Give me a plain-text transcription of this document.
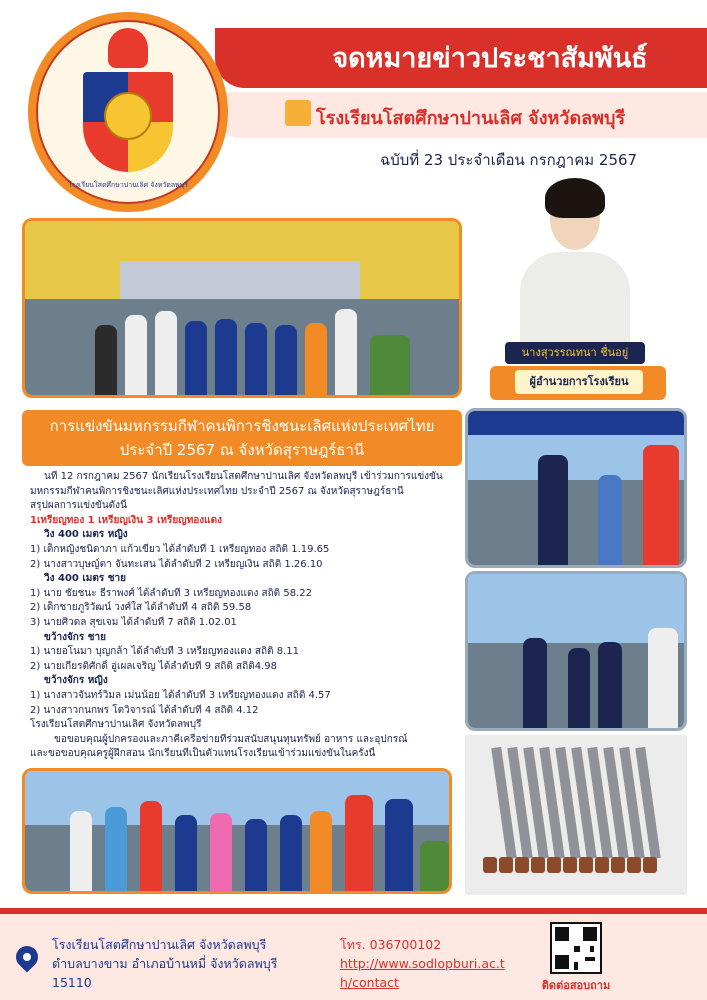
จดหมายข่าวประชาสัมพันธ์
โรงเรียนโสตศึกษาปานเลิศ จังหวัดลพบุรี
ฉบับที่ 23 ประจำเดือน กรกฎาคม 2567
โรงเรียนโสตศึกษาปานเลิศ จังหวัดลพบุรี
นางสุวรรณทนา ชื่นอยู่
ผู้อำนวยการโรงเรียน
การแข่งขันมหกรรมกีฬาคนพิการชิงชนะเลิศแห่งประเทศไทย
ประจำปี 2567 ณ จังหวัดสุราษฎร์ธานี
นที่ 12 กรกฎาคม 2567 นักเรียนโรงเรียนโสตศึกษาปานเลิศ จังหวัดลพบุรี เข้าร่วมการแข่งขัน
มหกรรมกีฬาคนพิการชิงชนะเลิศแห่งประเทศไทย ประจำปี 2567 ณ จังหวัดสุราษฎร์ธานี
สรุปผลการแข่งขันดังนี้
1เหรียญทอง 1 เหรียญเงิน 3 เหรียญทองแดง
วิ่ง 400 เมตร หญิง
1) เด็กหญิงชนิดาภา แก้วเขียว ได้ลำดับที่ 1 เหรียญทอง สถิติ 1.19.65
2) นางสาวบุษญ์ตา จันทะเสน ได้ลำดับที่ 2 เหรียญเงิน สถิติ 1.26.10
วิ่ง 400 เมตร ชาย
1) นาย ชัยชนะ ธีราพงศ์ ได้ลำดับที่ 3 เหรียญทองแดง สถิติ 58.22
2) เด็กชายภูริวัฒน์ วงศ์ใส ได้ลำดับที่ 4 สถิติ 59.58
3) นายศิวดล สุขเจม ได้ลำดับที่ 7 สถิติ 1.02.01
ขว้างจักร ชาย
1) นายอโนมา บุญกล้า ได้ลำดับที่ 3 เหรียญทองแดง สถิติ 8.11
2) นายเกียรติศักดิ์ อู่เผลเจริญ ได้ลำดับที่ 9 สถิติ สถิติ4.98
ขว้างจักร หญิง
1) นางสาวจันทร์วิมล เม่นน้อย ได้ลำดับที่ 3 เหรียญทองแดง สถิติ 4.57
2) นางสาวกนกพร โตวิจารณ์ ได้ลำดับที่ 4 สถิติ 4.12
โรงเรียนโสตศึกษาปานเลิศ จังหวัดลพบุรี
ขอขอบคุณผู้ปกครองและภาคีเครือข่ายที่ร่วมสนับสนุนทุนทรัพย์ อาหาร และอุปกรณ์
และขอขอบคุณครูผู้ฝึกสอน นักเรียนที่เป็นตัวแทนโรงเรียนเข้าร่วมแข่งขันในครั้งนี้
โรงเรียนโสตศึกษาปานเลิศ จังหวัดลพบุรี
ตำบลบางขาม อำเภอบ้านหมี่ จังหวัดลพบุรี
15110
โทร. 036700102
http://www.sodlopburi.ac.t
h/contact	ติดต่อสอบถาม
